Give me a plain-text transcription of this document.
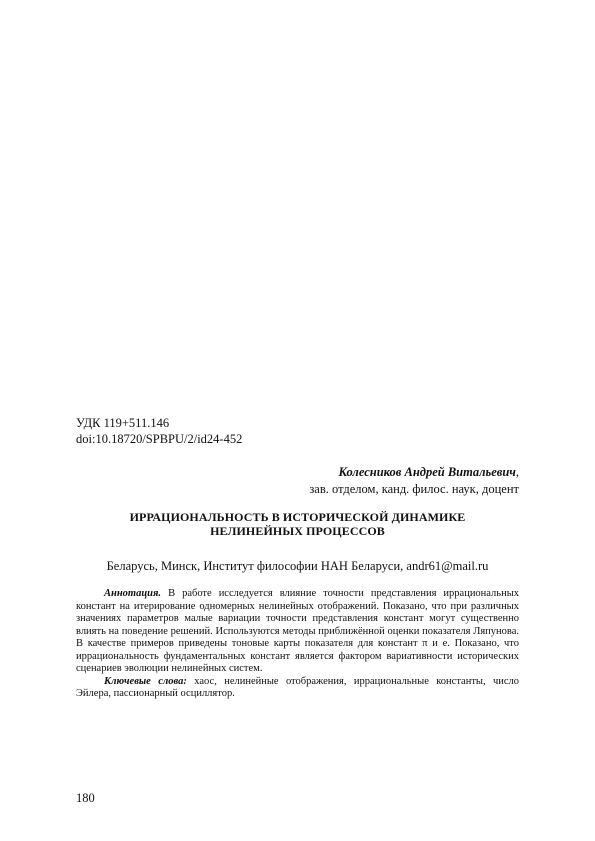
УДК 119+511.146
doi:10.18720/SPBPU/2/id24-452
Колесников Андрей Витальевич,
зав. отделом, канд. филос. наук, доцент
ИРРАЦИОНАЛЬНОСТЬ В ИСТОРИЧЕСКОЙ ДИНАМИКЕ
НЕЛИНЕЙНЫХ ПРОЦЕССОВ
Беларусь, Минск, Институт философии НАН Беларуси, andr61@mail.ru

Аннотация. В работе исследуется влияние точности представления иррациональных констант на итерирование одномерных нелинейных отображений. Показано, что при различных значениях параметров малые вариации точности представления констант могут существенно влиять на поведение решений. Используются методы приближённой оценки показателя Ляпунова. В качестве примеров приведены тоновые карты показателя для констант π и e. Показано, что иррациональность фундаментальных констант является фактором вариативности исторических сценариев эволюции нелинейных систем.

Ключевые слова: хаос, нелинейные отображения, иррациональные константы, число Эйлера, пассионарный осциллятор.

180
